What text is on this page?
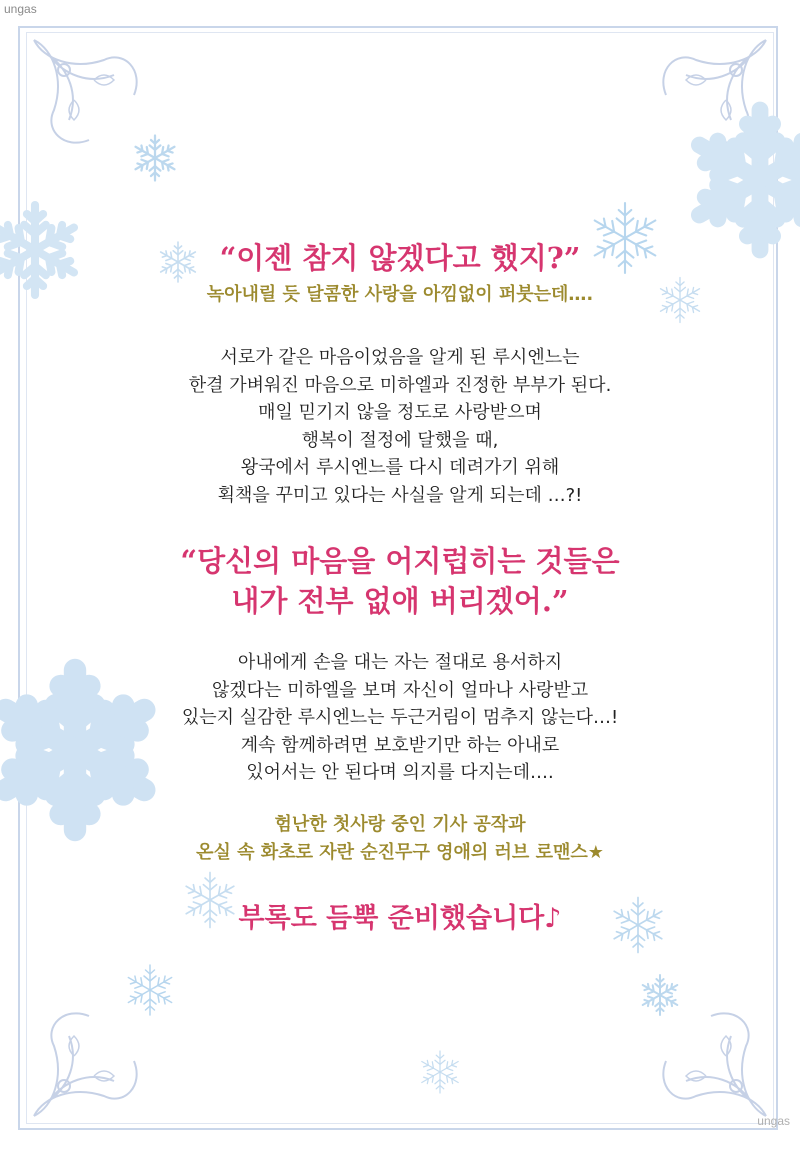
ungas
“이젠 참지 않겠다고 했지?”
녹아내릴 듯 달콤한 사랑을 아낌없이 퍼붓는데….
서로가 같은 마음이었음을 알게 된 루시엔느는
한결 가벼워진 마음으로 미하엘과 진정한 부부가 된다.
매일 믿기지 않을 정도로 사랑받으며
행복이 절정에 달했을 때,
왕국에서 루시엔느를 다시 데려가기 위해
획책을 꾸미고 있다는 사실을 알게 되는데 …?!
“당신의 마음을 어지럽히는 것들은
내가 전부 없애 버리겠어.”
아내에게 손을 대는 자는 절대로 용서하지
않겠다는 미하엘을 보며 자신이 얼마나 사랑받고
있는지 실감한 루시엔느는 두근거림이 멈추지 않는다…!
계속 함께하려면 보호받기만 하는 아내로
있어서는 안 된다며 의지를 다지는데….
험난한 첫사랑 중인 기사 공작과
온실 속 화초로 자란 순진무구 영애의 러브 로맨스★
부록도 듬뿍 준비했습니다♪
ungas
